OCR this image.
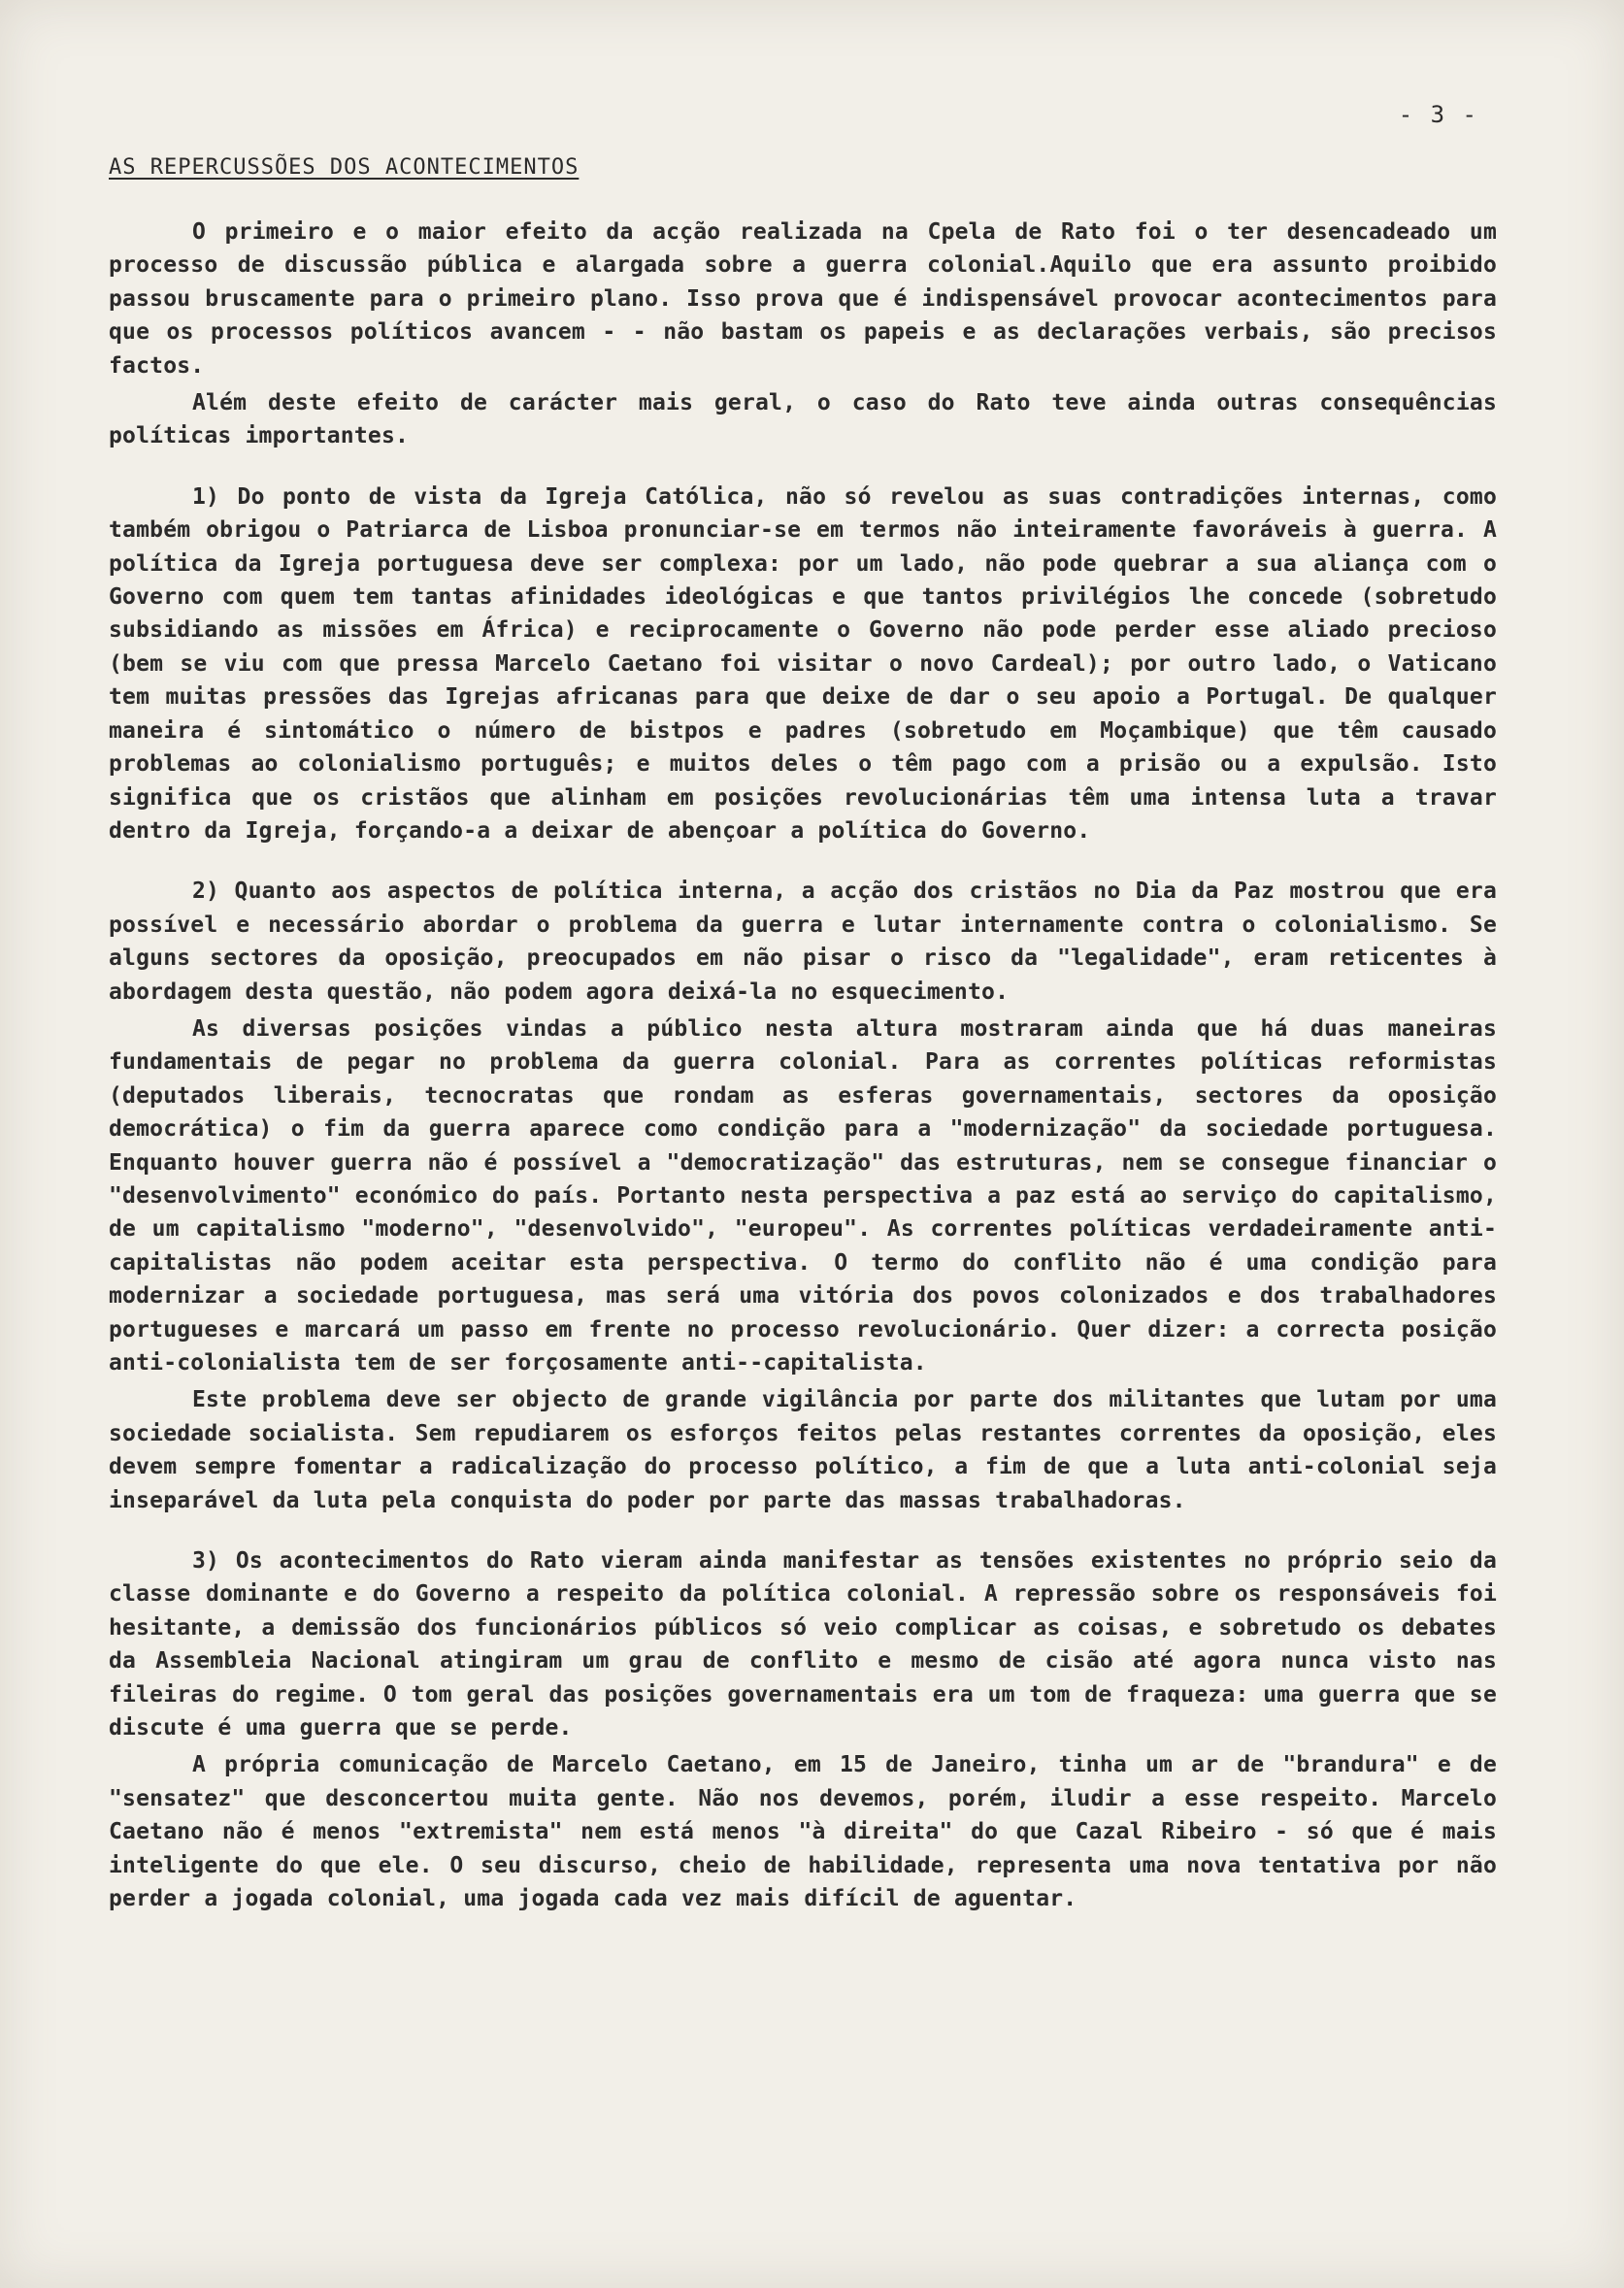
- 3 -
AS REPERCUSSÕES DOS ACONTECIMENTOS

O primeiro e o maior efeito da acção realizada na Cpela de Rato foi o ter desencadeado um processo de discussão pública e alargada sobre a guerra colonial.Aquilo que era assunto proibido passou bruscamente para o primeiro plano. Isso prova que é indispensável provocar acontecimentos para que os processos políticos avancem - - não bastam os papeis e as declarações verbais, são precisos factos.

Além deste efeito de carácter mais geral, o caso do Rato teve ainda outras consequências políticas importantes.

1) Do ponto de vista da Igreja Católica, não só revelou as suas contradições internas, como também obrigou o Patriarca de Lisboa pronunciar-se em termos não inteiramente favoráveis à guerra. A política da Igreja portuguesa deve ser complexa: por um lado, não pode quebrar a sua aliança com o Governo com quem tem tantas afinidades ideológicas e que tantos privilégios lhe concede (sobretudo subsidiando as missões em África) e reciprocamente o Governo não pode perder esse aliado precioso (bem se viu com que pressa Marcelo Caetano foi visitar o novo Cardeal); por outro lado, o Vaticano tem muitas pressões das Igrejas africanas para que deixe de dar o seu apoio a Portugal. De qualquer maneira é sintomático o número de bistpos e padres (sobretudo em Moçambique) que têm causado problemas ao colonialismo português; e muitos deles o têm pago com a prisão ou a expulsão. Isto significa que os cristãos que alinham em posições revolucionárias têm uma intensa luta a travar dentro da Igreja, forçando-a a deixar de abençoar a política do Governo.

2) Quanto aos aspectos de política interna, a acção dos cristãos no Dia da Paz mostrou que era possível e necessário abordar o problema da guerra e lutar internamente contra o colonialismo. Se alguns sectores da oposição, preocupados em não pisar o risco da "legalidade", eram reticentes à abordagem desta questão, não podem agora deixá-la no esquecimento.

As diversas posições vindas a público nesta altura mostraram ainda que há duas maneiras fundamentais de pegar no problema da guerra colonial. Para as correntes políticas reformistas (deputados liberais, tecnocratas que rondam as esferas governamentais, sectores da oposição democrática) o fim da guerra aparece como condição para a "modernização" da sociedade portuguesa. Enquanto houver guerra não é possível a "democratização" das estruturas, nem se consegue financiar o "desenvolvimento" económico do país. Portanto nesta perspectiva a paz está ao serviço do capitalismo, de um capitalismo "moderno", "desenvolvido", "europeu". As correntes políticas verdadeiramente anti-capitalistas não podem aceitar esta perspectiva. O termo do conflito não é uma condição para modernizar a sociedade portuguesa, mas será uma vitória dos povos colonizados e dos trabalhadores portugueses e marcará um passo em frente no processo revolucionário. Quer dizer: a correcta posição anti-colonialista tem de ser forçosamente anti--capitalista.

Este problema deve ser objecto de grande vigilância por parte dos militantes que lutam por uma sociedade socialista. Sem repudiarem os esforços feitos pelas restantes correntes da oposição, eles devem sempre fomentar a radicalização do processo político, a fim de que a luta anti-colonial seja inseparável da luta pela conquista do poder por parte das massas trabalhadoras.

3) Os acontecimentos do Rato vieram ainda manifestar as tensões existentes no próprio seio da classe dominante e do Governo a respeito da política colonial. A repressão sobre os responsáveis foi hesitante, a demissão dos funcionários públicos só veio complicar as coisas, e sobretudo os debates da Assembleia Nacional atingiram um grau de conflito e mesmo de cisão até agora nunca visto nas fileiras do regime. O tom geral das posições governamentais era um tom de fraqueza: uma guerra que se discute é uma guerra que se perde.

A própria comunicação de Marcelo Caetano, em 15 de Janeiro, tinha um ar de "brandura" e de "sensatez" que desconcertou muita gente. Não nos devemos, porém, iludir a esse respeito. Marcelo Caetano não é menos "extremista" nem está menos "à direita" do que Cazal Ribeiro - só que é mais inteligente do que ele. O seu discurso, cheio de habilidade, representa uma nova tentativa por não perder a jogada colonial, uma jogada cada vez mais difícil de aguentar.
